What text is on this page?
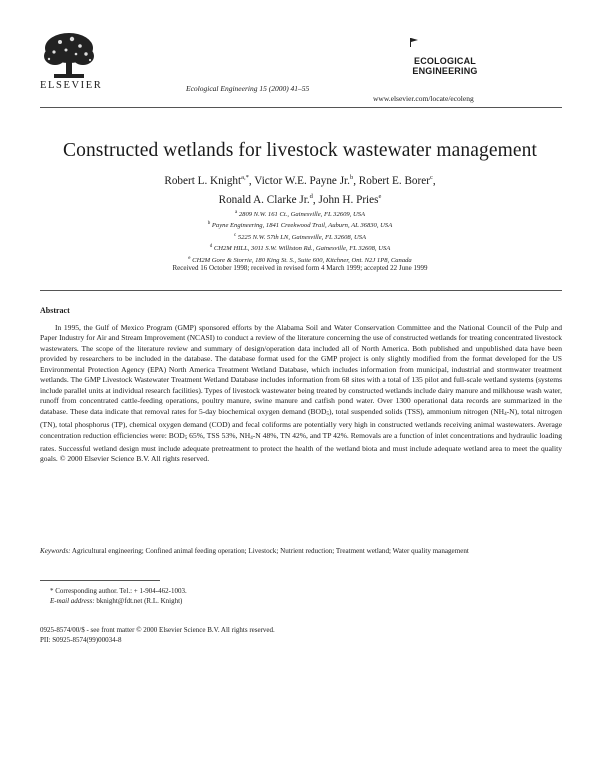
ELSEVIER	Ecological Engineering 15 (2000) 41–55
ECOLOGICAL
ENGINEERING
www.elsevier.com/locate/ecoleng
Constructed wetlands for livestock wastewater management
Robert L. Knight$^{a,*}$, Victor W.E. Payne Jr.$^b$, Robert E. Borer$^c$,
Ronald A. Clarke Jr.$^d$, John H. Pries$^e$
$^a$ 2809 N.W. 161 Ct., Gainesville, FL 32609, USA
$^b$ Payne Engineering, 1841 Creekwood Trail, Auburn, AL 36830, USA
$^c$ 5225 N.W. 57th LN, Gainesville, FL 32608, USA
$^d$ CH2M HILL, 3011 S.W. Williston Rd., Gainesville, FL 32608, USA
$^e$ CH2M Gore & Storrie, 180 King St. S., Suite 600, Kitchner, Ont. N2J 1P8, Canada
Received 16 October 1998; received in revised form 4 March 1999; accepted 22 June 1999
Abstract

In 1995, the Gulf of Mexico Program (GMP) sponsored efforts by the Alabama Soil and Water Conservation Committee and the National Council of the Pulp and Paper Industry for Air and Stream Improvement (NCASI) to conduct a review of the literature concerning the use of constructed wetlands for treating concentrated livestock wastewaters. The scope of the literature review and summary of design/operation data included all of North America. Both published and unpublished data have been provided by researchers to be included in the database. The database format used for the GMP project is only slightly modified from the format developed for the US Environmental Protection Agency (EPA) North America Treatment Wetland Database, which includes information from municipal, industrial and stormwater treatment wetlands. The GMP Livestock Wastewater Treatment Wetland Database includes information from 68 sites with a total of 135 pilot and full-scale wetland systems (systems include parallel units at individual research facilities). Types of livestock wastewater being treated by constructed wetlands include dairy manure and milkhouse wash water, runoff from concentrated cattle-feeding operations, poultry manure, swine manure and catfish pond water. Over 1300 operational data records are summarized in the database. These data indicate that removal rates for 5-day biochemical oxygen demand $(BOD_5)$, total suspended solids (TSS), ammonium nitrogen $(NH_4-N)$, total nitrogen (TN), total phosphorus (TP), chemical oxygen demand (COD) and fecal coliforms are potentially very high in constructed wetlands receiving animal wastewaters. Average concentration reduction efficiencies were: $BOD_5$ 65%, TSS 53%, $NH_4-N$ 48%, TN 42%, and TP 42%. Removals are a function of inlet concentrations and hydraulic loading rates. Successful wetland design must include adequate pretreatment to protect the health of the wetland biota and must include adequate wetland area to meet the quality goals. © 2000 Elsevier Science B.V. All rights reserved.

Keywords: Agricultural engineering; Confined animal feeding operation; Livestock; Nutrient reduction; Treatment wetland; Water quality management
* Corresponding author. Tel.: + 1-904-462-1003.
E-mail address: bknight@fdt.net (R.L. Knight)
0925-8574/00/$ - see front matter © 2000 Elsevier Science B.V. All rights reserved.
PII: S0925-8574(99)00034-8
